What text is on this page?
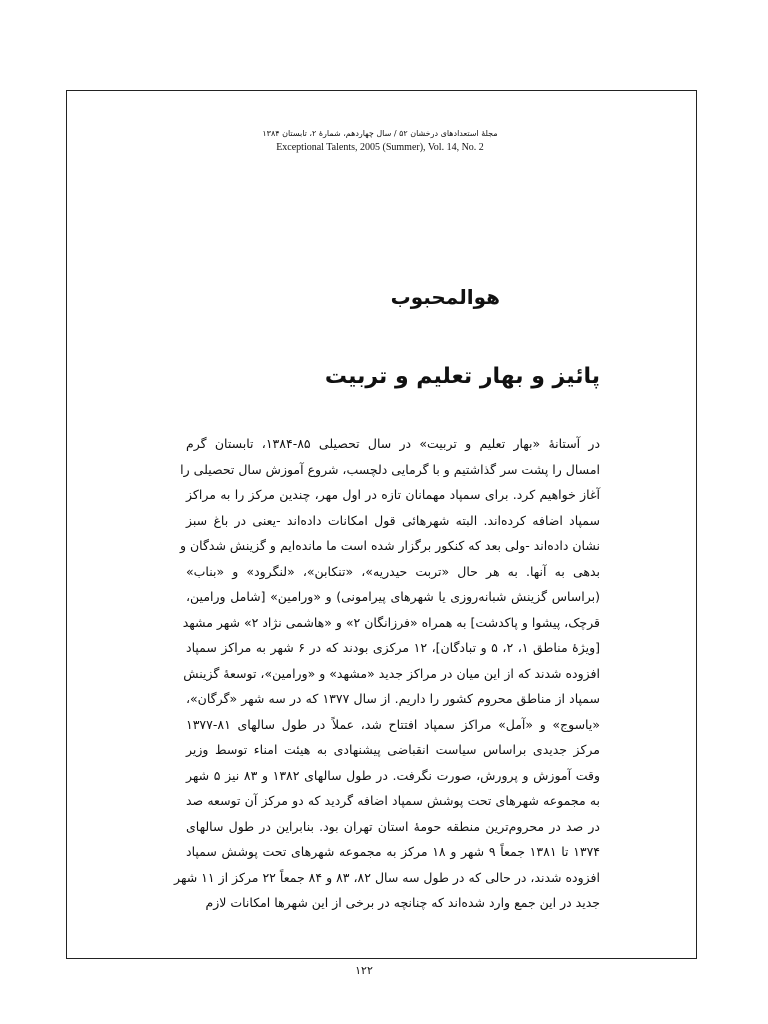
مجلهٔ استعدادهای درخشان ۵۲ / سال چهاردهم، شمارهٔ ۲، تابستان ۱۳۸۴
Exceptional Talents, 2005 (Summer), Vol. 14, No. 2
هوالمحبوب
پائیز و بهار تعلیم و تربیت
در آستانهٔ «بهار تعلیم و تربیت» در سال تحصیلی ۸۵-۱۳۸۴، تابستان گرم
امسال را پشت سر گذاشتیم و با گرمایی دلچسب، شروع آموزش سال تحصیلی را
آغاز خواهیم کرد. برای سمپاد مهمانان تازه در اول مهر، چندین مرکز را به مراکز
سمپاد اضافه کرده‌اند. البته شهرهائی قول امکانات داده‌اند -یعنی در باغ سبز
نشان داده‌اند -ولی بعد که کنکور برگزار شده است ما مانده‌ایم و گزینش شدگان و
بدهی به آنها. به هر حال «تربت حیدریه»، «تنکابن»، «لنگرود» و «بناب»
(براساس گزینش شبانه‌روزی یا شهرهای پیرامونی) و «ورامین» [شامل ورامین،
قرچک، پیشوا و پاکدشت] به همراه «فرزانگان ۲» و «هاشمی نژاد ۲» شهر مشهد
[ویژهٔ مناطق ۱، ۲، ۵ و تبادگان]، ۱۲ مرکزی بودند که در ۶ شهر به مراکز سمپاد
افزوده شدند که از این میان در مراکز جدید «مشهد» و «ورامین»، توسعهٔ گزینش
سمپاد از مناطق محروم کشور را داریم. از سال ۱۳۷۷ که در سه شهر «گرگان»،
«یاسوج» و «آمل» مراکز سمپاد افتتاح شد، عملاً در طول سالهای ۸۱-۱۳۷۷
مرکز جدیدی براساس سیاست انقباضی پیشنهادی به هیئت امناء توسط وزیر
وقت آموزش و پرورش، صورت نگرفت. در طول سالهای ۱۳۸۲ و ۸۳ نیز ۵ شهر
به مجموعه شهرهای تحت پوشش سمپاد اضافه گردید که دو مرکز آن توسعه صد
در صد در محروم‌ترین منطقه حومهٔ استان تهران بود. بنابراین در طول سالهای
۱۳۷۴ تا ۱۳۸۱ جمعاً ۹ شهر و ۱۸ مرکز به مجموعه شهرهای تحت پوشش سمپاد
افزوده شدند، در حالی که در طول سه سال ۸۲، ۸۳ و ۸۴ جمعاً ۲۲ مرکز از ۱۱ شهر
جدید در این جمع وارد شده‌اند که چنانچه در برخی از این شهرها امکانات لازم
۱۲۲
